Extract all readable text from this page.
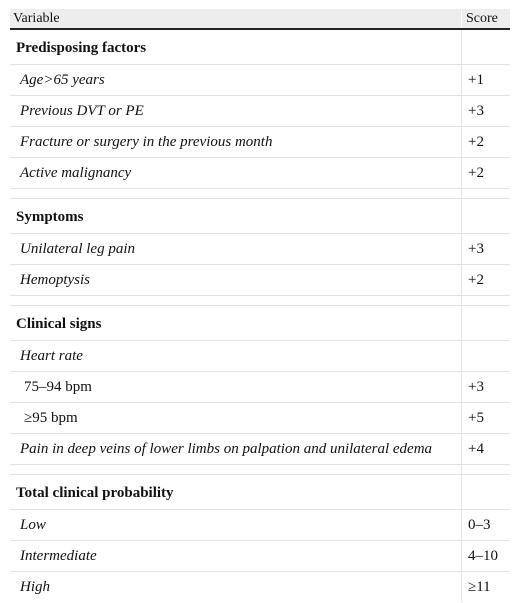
Variable	Score
Predisposing factors
Age>65 years	+1
Previous DVT or PE	+3
Fracture or surgery in the previous month	+2
Active malignancy	+2
Symptoms
Unilateral leg pain	+3
Hemoptysis	+2
Clinical signs
Heart rate
75–94 bpm	+3
≥95 bpm	+5
Pain in deep veins of lower limbs on palpation and unilateral edema	+4
Total clinical probability
Low	0–3
Intermediate	4–10
High	≥11
